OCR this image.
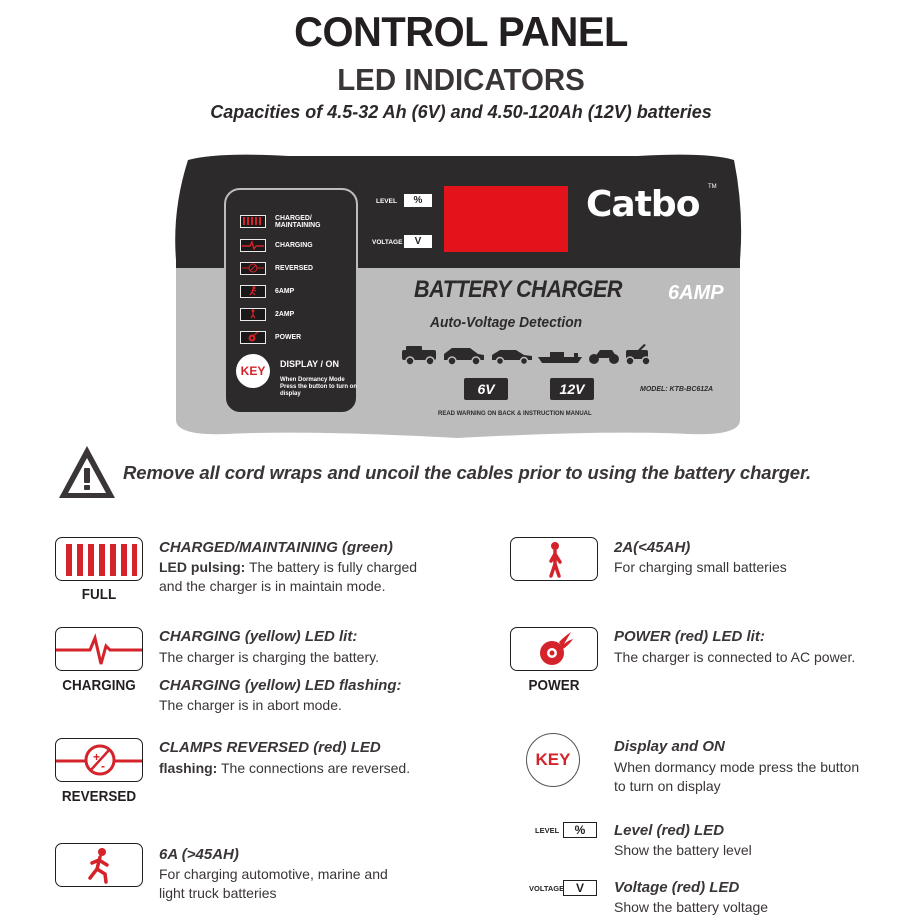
CONTROL PANEL
LED INDICATORS
Capacities of 4.5-32 Ah (6V) and 4.50-120Ah (12V) batteries
CHARGED/ MAINTAINING
CHARGING
REVERSED
6AMP
2AMP
POWER
KEY	DISPLAY / ON
When Dormancy Mode Press the button to turn on display
LEVEL	%
VOLTAGE	V
Catbo TM
BATTERY CHARGER 6AMP
Auto-Voltage Detection
6V	12V	MODEL: KTB-BC612A
READ WARNING ON BACK & INSTRUCTION MANUAL
Remove all cord wraps and uncoil the cables prior to using the battery charger.
FULL
CHARGED/MAINTAINING (green)
LED pulsing: The battery is fully charged
and the charger is in maintain mode.
CHARGING
CHARGING (yellow) LED lit:
The charger is charging the battery.
CHARGING (yellow) LED flashing:
The charger is in abort mode.
+
-
REVERSED
CLAMPS REVERSED (red) LED
flashing: The connections are reversed.
6A (>45AH)
For charging automotive, marine and
light truck batteries
2A(<45AH)
For charging small batteries
POWER
POWER (red) LED lit:
The charger is connected to AC power.
KEY
Display and ON
When dormancy mode press the button
to turn on display
LEVEL	%	Level (red) LED
Show the battery level
VOLTAGE V	Voltage (red) LED
Show the battery voltage
